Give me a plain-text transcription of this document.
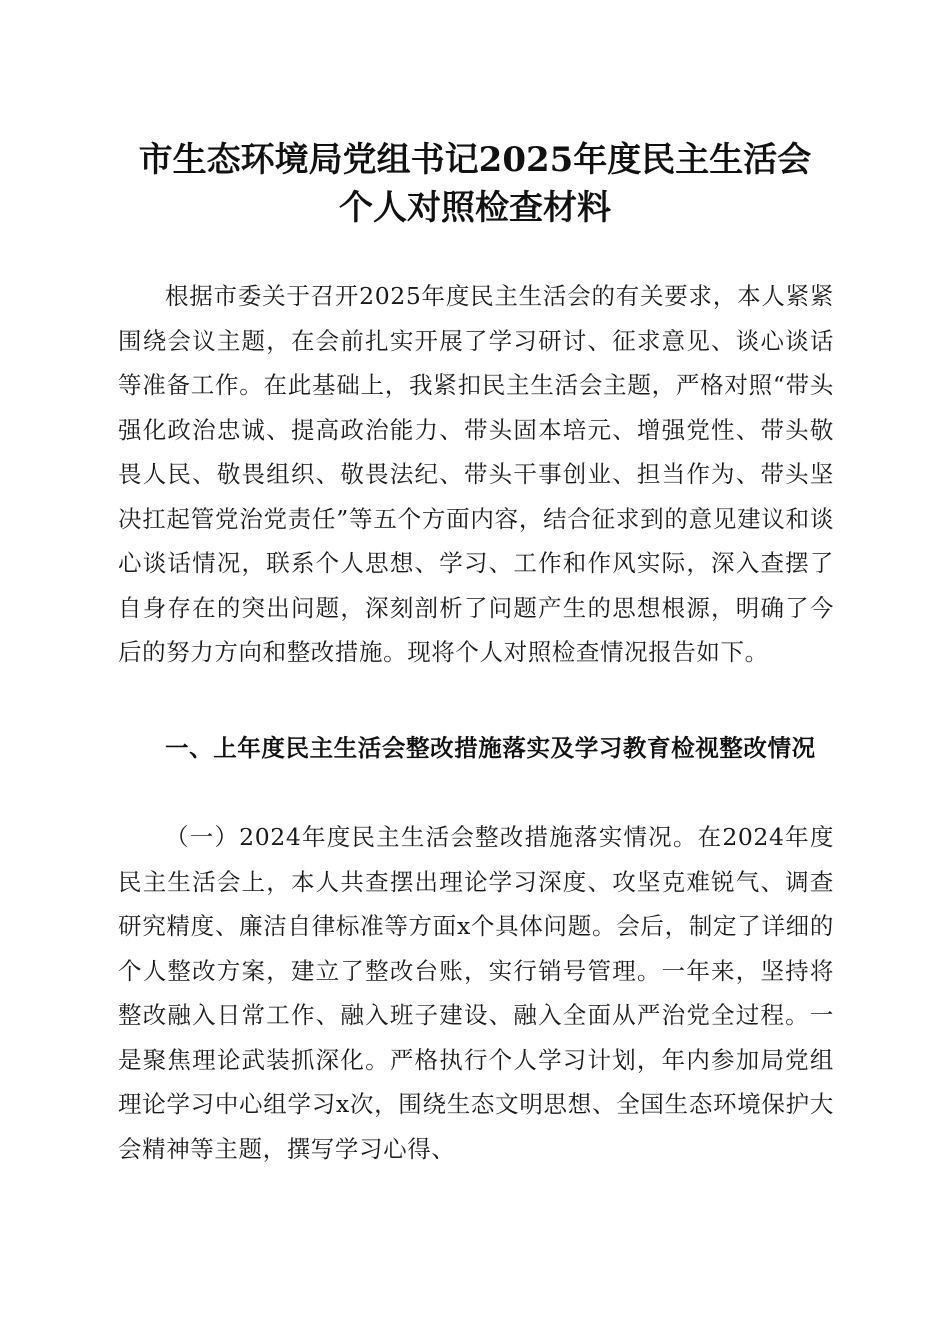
市生态环境局党组书记2025年度民主生活会
个人对照检查材料

根据市委关于召开2025年度民主生活会的有关要求，本人紧紧围绕会议主题，在会前扎实开展了学习研讨、征求意见、谈心谈话等准备工作。在此基础上，我紧扣民主生活会主题，严格对照“带头强化政治忠诚、提高政治能力、带头固本培元、增强党性、带头敬畏人民、敬畏组织、敬畏法纪、带头干事创业、担当作为、带头坚决扛起管党治党责任”等五个方面内容，结合征求到的意见建议和谈心谈话情况，联系个人思想、学习、工作和作风实际，深入查摆了自身存在的突出问题，深刻剖析了问题产生的思想根源，明确了今后的努力方向和整改措施。现将个人对照检查情况报告如下。

一、上年度民主生活会整改措施落实及学习教育检视整改情况

（一）2024年度民主生活会整改措施落实情况。在2024年度民主生活会上，本人共查摆出理论学习深度、攻坚克难锐气、调查研究精度、廉洁自律标准等方面x个具体问题。会后，制定了详细的个人整改方案，建立了整改台账，实行销号管理。一年来，坚持将整改融入日常工作、融入班子建设、融入全面从严治党全过程。一是聚焦理论武装抓深化。严格执行个人学习计划，年内参加局党组理论学习中心组学习x次，围绕生态文明思想、全国生态环境保护大会精神等主题，撰写学习心得、
